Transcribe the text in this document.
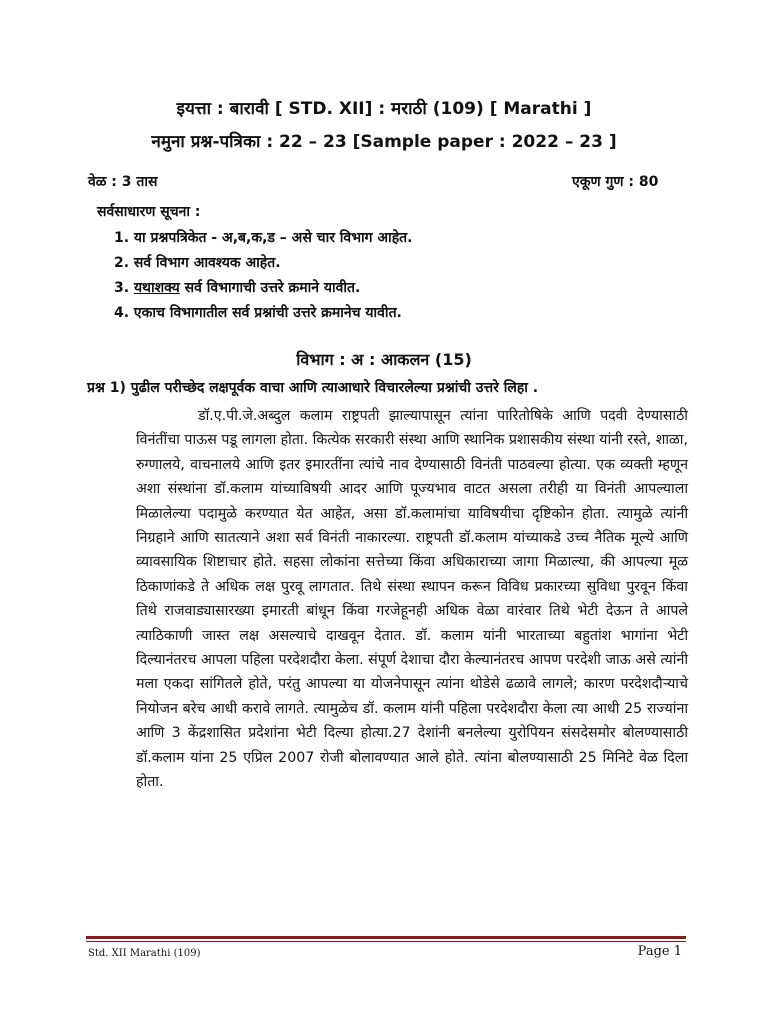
इयत्ता : बारावी [ STD. XII] : मराठी (109) [ Marathi ]
नमुना प्रश्न-पत्रिका : 22 – 23 [Sample paper : 2022 – 23 ]
वेळ : 3 तास	एकूण गुण : 80
सर्वसाधारण सूचना :
1. या प्रश्नपत्रिकेत - अ,ब,क,ड – असे चार विभाग आहेत.
2. सर्व विभाग आवश्यक आहेत.
3. यथाशक्य सर्व विभागाची उत्तरे क्रमाने यावीत.
4. एकाच विभागातील सर्व प्रश्नांची उत्तरे क्रमानेच यावीत.
विभाग : अ : आकलन (15)
प्रश्न 1) पुढील परीच्छेद लक्षपूर्वक वाचा आणि त्याआधारे विचारलेल्या प्रश्नांची उत्तरे लिहा .

डॉ.ए.पी.जे.अब्दुल कलाम राष्ट्रपती झाल्यापासून त्यांना पारितोषिके आणि पदवी देण्यासाठी विनंतींचा पाऊस पडू लागला होता. कित्येक सरकारी संस्था आणि स्थानिक प्रशासकीय संस्था यांनी रस्ते, शाळा, रुग्णालये, वाचनालये आणि इतर इमारतींना त्यांचे नाव देण्यासाठी विनंती पाठवल्या होत्या. एक व्यक्ती म्हणून अशा संस्थांना डॉ.कलाम यांच्याविषयी आदर आणि पूज्यभाव वाटत असला तरीही या विनंती आपल्याला मिळालेल्या पदामुळे करण्यात येत आहेत, असा डॉ.कलामांचा याविषयीचा दृष्टिकोन होता. त्यामुळे त्यांनी निग्रहाने आणि सातत्याने अशा सर्व विनंती नाकारल्या. राष्ट्रपती डॉ.कलाम यांच्याकडे उच्च नैतिक मूल्ये आणि व्यावसायिक शिष्टाचार होते. सहसा लोकांना सत्तेच्या किंवा अधिकाराच्या जागा मिळाल्या, की आपल्या मूळ ठिकाणांकडे ते अधिक लक्ष पुरवू लागतात. तिथे संस्था स्थापन करून विविध प्रकारच्या सुविधा पुरवून किंवा तिथे राजवाड्यासारख्या इमारती बांधून किंवा गरजेहूनही अधिक वेळा वारंवार तिथे भेटी देऊन ते आपले त्याठिकाणी जास्त लक्ष असल्याचे दाखवून देतात. डॉ. कलाम यांनी भारताच्या बहुतांश भागांना भेटी दिल्यानंतरच आपला पहिला परदेशदौरा केला. संपूर्ण देशाचा दौरा केल्यानंतरच आपण परदेशी जाऊ असे त्यांनी मला एकदा सांगितले होते, परंतु आपल्या या योजनेपासून त्यांना थोडेसे ढळावे लागले; कारण परदेशदौऱ्याचे नियोजन बरेच आधी करावे लागते. त्यामुळेच डॉ. कलाम यांनी पहिला परदेशदौरा केला त्या आधी 25 राज्यांना आणि 3 केंद्रशासित प्रदेशांना भेटी दिल्या होत्या.27 देशांनी बनलेल्या युरोपियन संसदेसमोर बोलण्यासाठी डॉ.कलाम यांना 25 एप्रिल 2007 रोजी बोलावण्यात आले होते. त्यांना बोलण्यासाठी 25 मिनिटे वेळ दिला होता.

Std. XII Marathi (109)	Page 1
